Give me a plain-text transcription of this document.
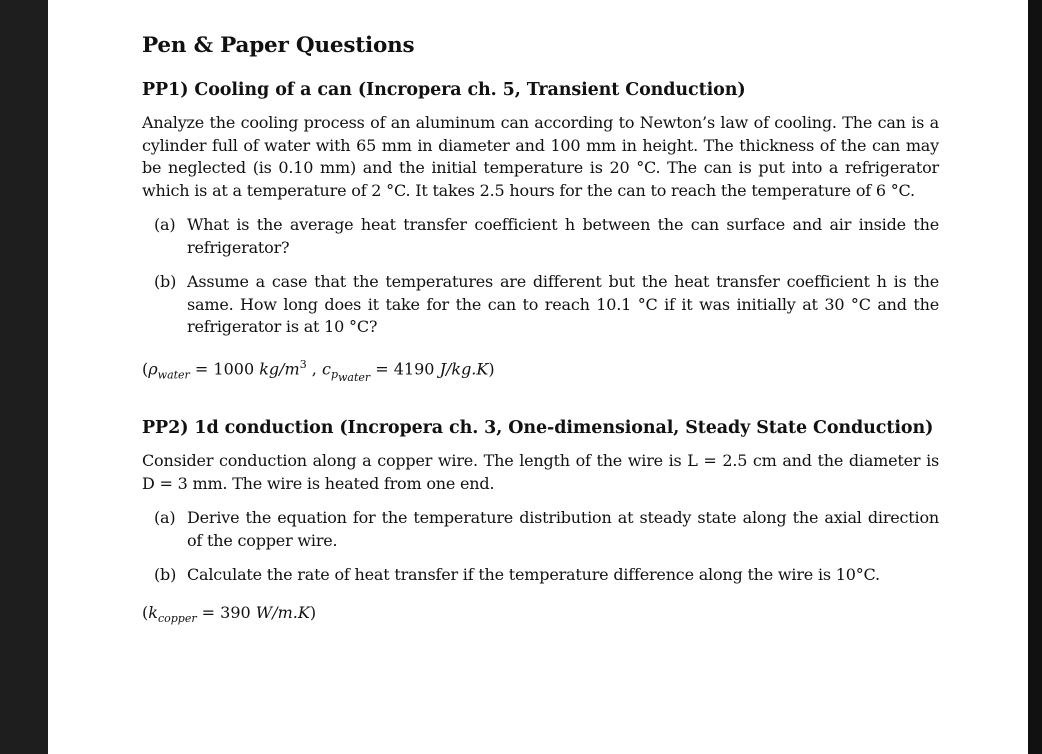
Pen & Paper Questions
PP1) Cooling of a can (Incropera ch. 5, Transient Conduction)

Analyze the cooling process of an aluminum can according to Newton’s law of cooling. The can is a cylinder full of water with 65 mm in diameter and 100 mm in height. The thickness of the can may be neglected (is 0.10 mm) and the initial temperature is 20 °C. The can is put into a refrigerator which is at a temperature of 2 °C. It takes 2.5 hours for the can to reach the temperature of 6 °C.

(a) What is the average heat transfer coefficient h between the can surface and air inside the refrigerator?
(b) Assume a case that the temperatures are different but the heat transfer coefficient h is the same. How long does it take for the can to reach 10.1 °C if it was initially at 30 °C and the refrigerator is at 10 °C?
($\rho_{water} = 1000$ $kg/m^3$ , $c_{p_{water}} = 4190$ J/kg.K)
PP2) 1d conduction (Incropera ch. 3, One-dimensional, Steady State Conduction)

Consider conduction along a copper wire. The length of the wire is L = 2.5 cm and the diameter is D = 3 mm. The wire is heated from one end.

(a) Derive the equation for the temperature distribution at steady state along the axial direction of the copper wire.
(b) Calculate the rate of heat transfer if the temperature difference along the wire is 10°C.
($k_{copper} = 390$ W/m.K)
